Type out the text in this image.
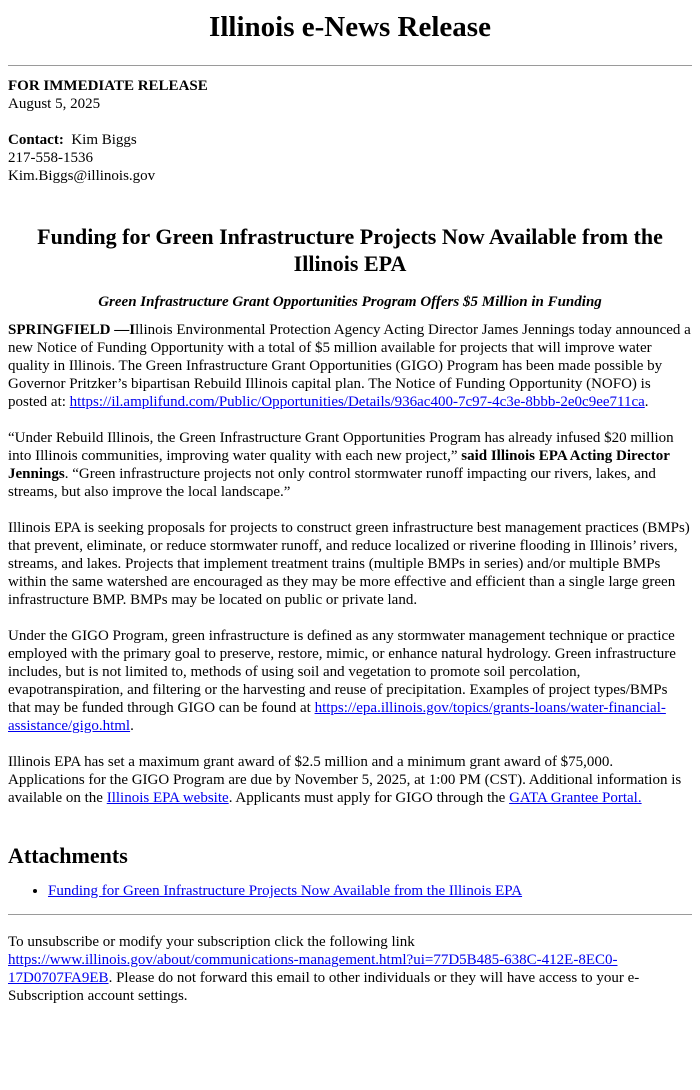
Illinois e-News Release

FOR IMMEDIATE RELEASE

August 5, 2025

Contact: Kim Biggs

217-558-1536

Kim.Biggs@illinois.gov

Funding for Green Infrastructure Projects Now Available from the Illinois EPA

Green Infrastructure Grant Opportunities Program Offers $5 Million in Funding

SPRINGFIELD —Illinois Environmental Protection Agency Acting Director James Jennings today announced a new Notice of Funding Opportunity with a total of $5 million available for projects that will improve water quality in Illinois. The Green Infrastructure Grant Opportunities (GIGO) Program has been made possible by Governor Pritzker’s bipartisan Rebuild Illinois capital plan. The Notice of Funding Opportunity (NOFO) is posted at: https://il.amplifund.com/Public/Opportunities/Details/936ac400-7c97-4c3e-8bbb-2e0c9ee711ca.

“Under Rebuild Illinois, the Green Infrastructure Grant Opportunities Program has already infused $20 million into Illinois communities, improving water quality with each new project,” said Illinois EPA Acting Director Jennings. “Green infrastructure projects not only control stormwater runoff impacting our rivers, lakes, and streams, but also improve the local landscape.”

Illinois EPA is seeking proposals for projects to construct green infrastructure best management practices (BMPs) that prevent, eliminate, or reduce stormwater runoff, and reduce localized or riverine flooding in Illinois’ rivers, streams, and lakes. Projects that implement treatment trains (multiple BMPs in series) and/or multiple BMPs within the same watershed are encouraged as they may be more effective and efficient than a single large green infrastructure BMP. BMPs may be located on public or private land.

Under the GIGO Program, green infrastructure is defined as any stormwater management technique or practice employed with the primary goal to preserve, restore, mimic, or enhance natural hydrology. Green infrastructure includes, but is not limited to, methods of using soil and vegetation to promote soil percolation, evapotranspiration, and filtering or the harvesting and reuse of precipitation. Examples of project types/BMPs that may be funded through GIGO can be found at https://epa.illinois.gov/topics/grants-loans/water-financial-assistance/gigo.html.

Illinois EPA has set a maximum grant award of $2.5 million and a minimum grant award of $75,000. Applications for the GIGO Program are due by November 5, 2025, at 1:00 PM (CST). Additional information is available on the Illinois EPA website. Applicants must apply for GIGO through the GATA Grantee Portal.

Attachments
• Funding for Green Infrastructure Projects Now Available from the Illinois EPA

To unsubscribe or modify your subscription click the following link

https://www.illinois.gov/about/communications-management.html?ui=77D5B485-638C-412E-8EC0-17D0707FA9EB. Please do not forward this email to other individuals or they will have access to your e-Subscription account settings.
